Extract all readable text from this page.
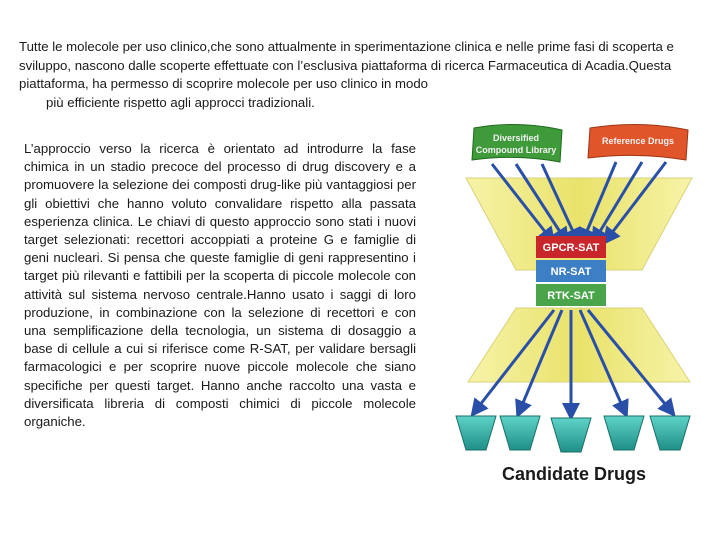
Tutte le molecole per uso clinico,che sono attualmente in sperimentazione clinica e nelle prime fasi di scoperta e sviluppo, nascono dalle scoperte effettuate con l’esclusiva piattaforma di ricerca Farmaceutica di Acadia.Questa piattaforma, ha permesso di scoprire molecole per uso clinico in modo
più efficiente rispetto agli approcci tradizionali.
L’approccio verso la ricerca è orientato ad introdurre la fase chimica in un stadio precoce del processo di drug discovery e a promuovere la selezione dei composti drug-like più vantaggiosi per gli obiettivi che hanno voluto convalidare rispetto alla passata esperienza clinica. Le chiavi di questo approccio sono stati i nuovi target selezionati: recettori accoppiati a proteine G e famiglie di geni nucleari. Si pensa che queste famiglie di geni rappresentino i target più rilevanti e fattibili per la scoperta di piccole molecole con attività sul sistema nervoso centrale.Hanno usato i saggi di loro produzione, in combinazione con la selezione di recettori e con una semplificazione della tecnologia, un sistema di dosaggio a base di cellule a cui si riferisce come R-SAT, per validare bersagli farmacologici e per scoprire nuove piccole molecole che siano specifiche per questi target. Hanno anche raccolto una vasta e diversificata libreria di composti chimici di piccole molecole organiche.
Diversified
Compound Library
Reference Drugs
GPCR-SAT
NR-SAT
RTK-SAT
Candidate Drugs
